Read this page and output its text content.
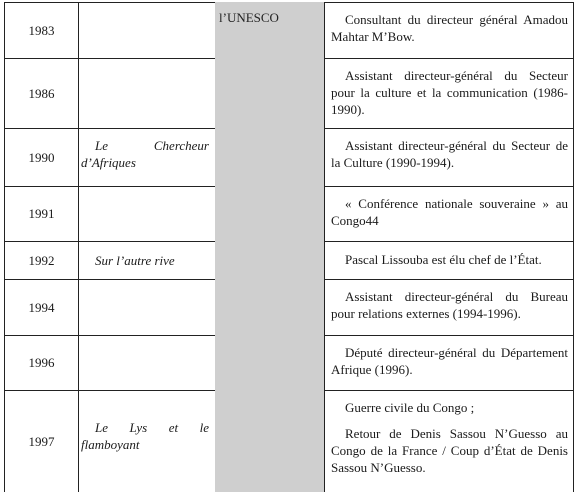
1983
1986
1990
1991
1992
1994
1996
1997
Le Chercheur d’Afriques
Sur l’autre rive
Le Lys et le flamboyant
l’UNESCO	Consultant du directeur général Amadou Mahtar M’Bow.

Assistant directeur-général du Secteur pour la culture et la communication (1986-1990).

Assistant directeur-général du Secteur de la Culture (1990-1994).

« Conférence nationale souveraine » au Congo44

Pascal Lissouba est élu chef de l’État.

Assistant directeur-général du Bureau pour relations externes (1994-1996).

Député directeur-général du Département Afrique (1996).

Guerre civile du Congo ;

Retour de Denis Sassou N’Guesso au Congo de la France / Coup d’État de Denis Sassou N’Guesso.
